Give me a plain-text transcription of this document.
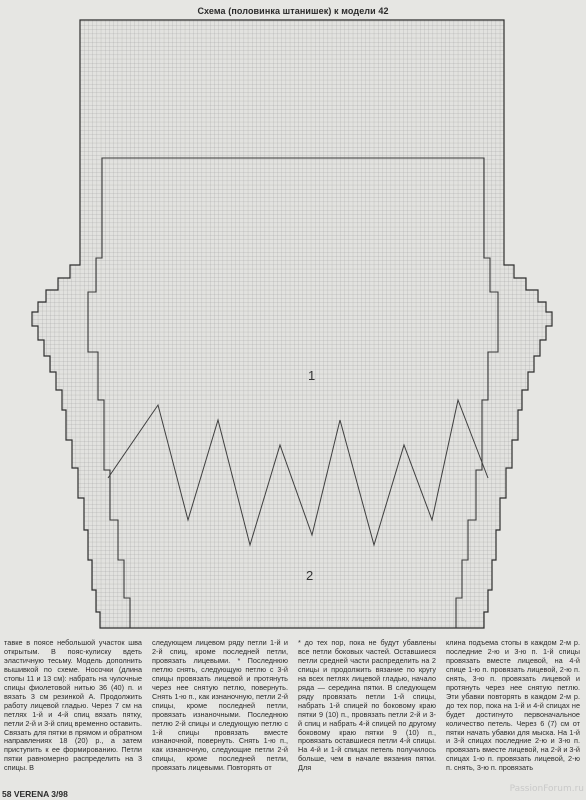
Схема (половинка штанишек) к модели 42
1
2

тавке в поясе небольшой участок шва открытым. В пояс-кулиску вдеть эластичную тесьму. Модель дополнить вышивкой по схеме. Носочки (длина стопы 11 и 13 см): набрать на чулочные спицы фиолетовой нитью 36 (40) п. и вязать 3 см резинкой А. Продолжить работу лицевой гладью. Через 7 см на петлях 1-й и 4-й спиц вязать пятку, петли 2-й и 3-й спиц временно оставить. Связать для пятки в прямом и обратном направлениях 18 (20) р., а затем приступить к ее формированию. Петли пятки равномерно распределить на 3 спицы. В

следующем лицевом ряду петли 1-й и 2-й спиц, кроме последней петли, провязать лицевыми. * Последнюю петлю снять, следующую петлю с 3-й спицы провязать лицевой и протянуть через нее снятую петлю, повернуть. Снять 1-ю п., как изнаночную, петли 2-й спицы, кроме последней петли, провязать изнаночными. Последнюю петлю 2-й спицы и следующую петлю с 1-й спицы провязать вместе изнаночной, повернуть. Снять 1-ю п., как изнаночную, следующие петли 2-й спицы, кроме последней петли, провязать лицевыми. Повторять от

* до тех пор, пока не будут убавлены все петли боковых частей. Оставшиеся петли средней части распределить на 2 спицы и продолжить вязание по кругу на всех петлях лицевой гладью, начало ряда — середина пятки. В следующем ряду провязать петли 1-й спицы, набрать 1-й спицей по боковому краю пятки 9 (10) п., провязать петли 2-й и 3-й спиц и набрать 4-й спицей по другому боковому краю пятки 9 (10) п., провязать оставшиеся петли 4-й спицы. На 4-й и 1-й спицах петель получилось больше, чем в начале вязания пятки. Для

клина подъема стопы в каждом 2-м р. последние 2-ю и 3-ю п. 1-й спицы провязать вместе лицевой, на 4-й спице 1-ю п. провязать лицевой, 2-ю п. снять, 3-ю п. провязать лицевой и протянуть через нее снятую петлю. Эти убавки повторять в каждом 2-м р. до тех пор, пока на 1-й и 4-й спицах не будет достигнуто первоначальное количество петель. Через 6 (7) см от пятки начать убавки для мыска. На 1-й и 3-й спицах последние 2-ю и 3-ю п. провязать вместе лицевой, на 2-й и 3-й спицах 1-ю п. провязать лицевой, 2-ю п. снять, 3-ю п. провязать

58 VERENA 3/98	PassionForum.ru
